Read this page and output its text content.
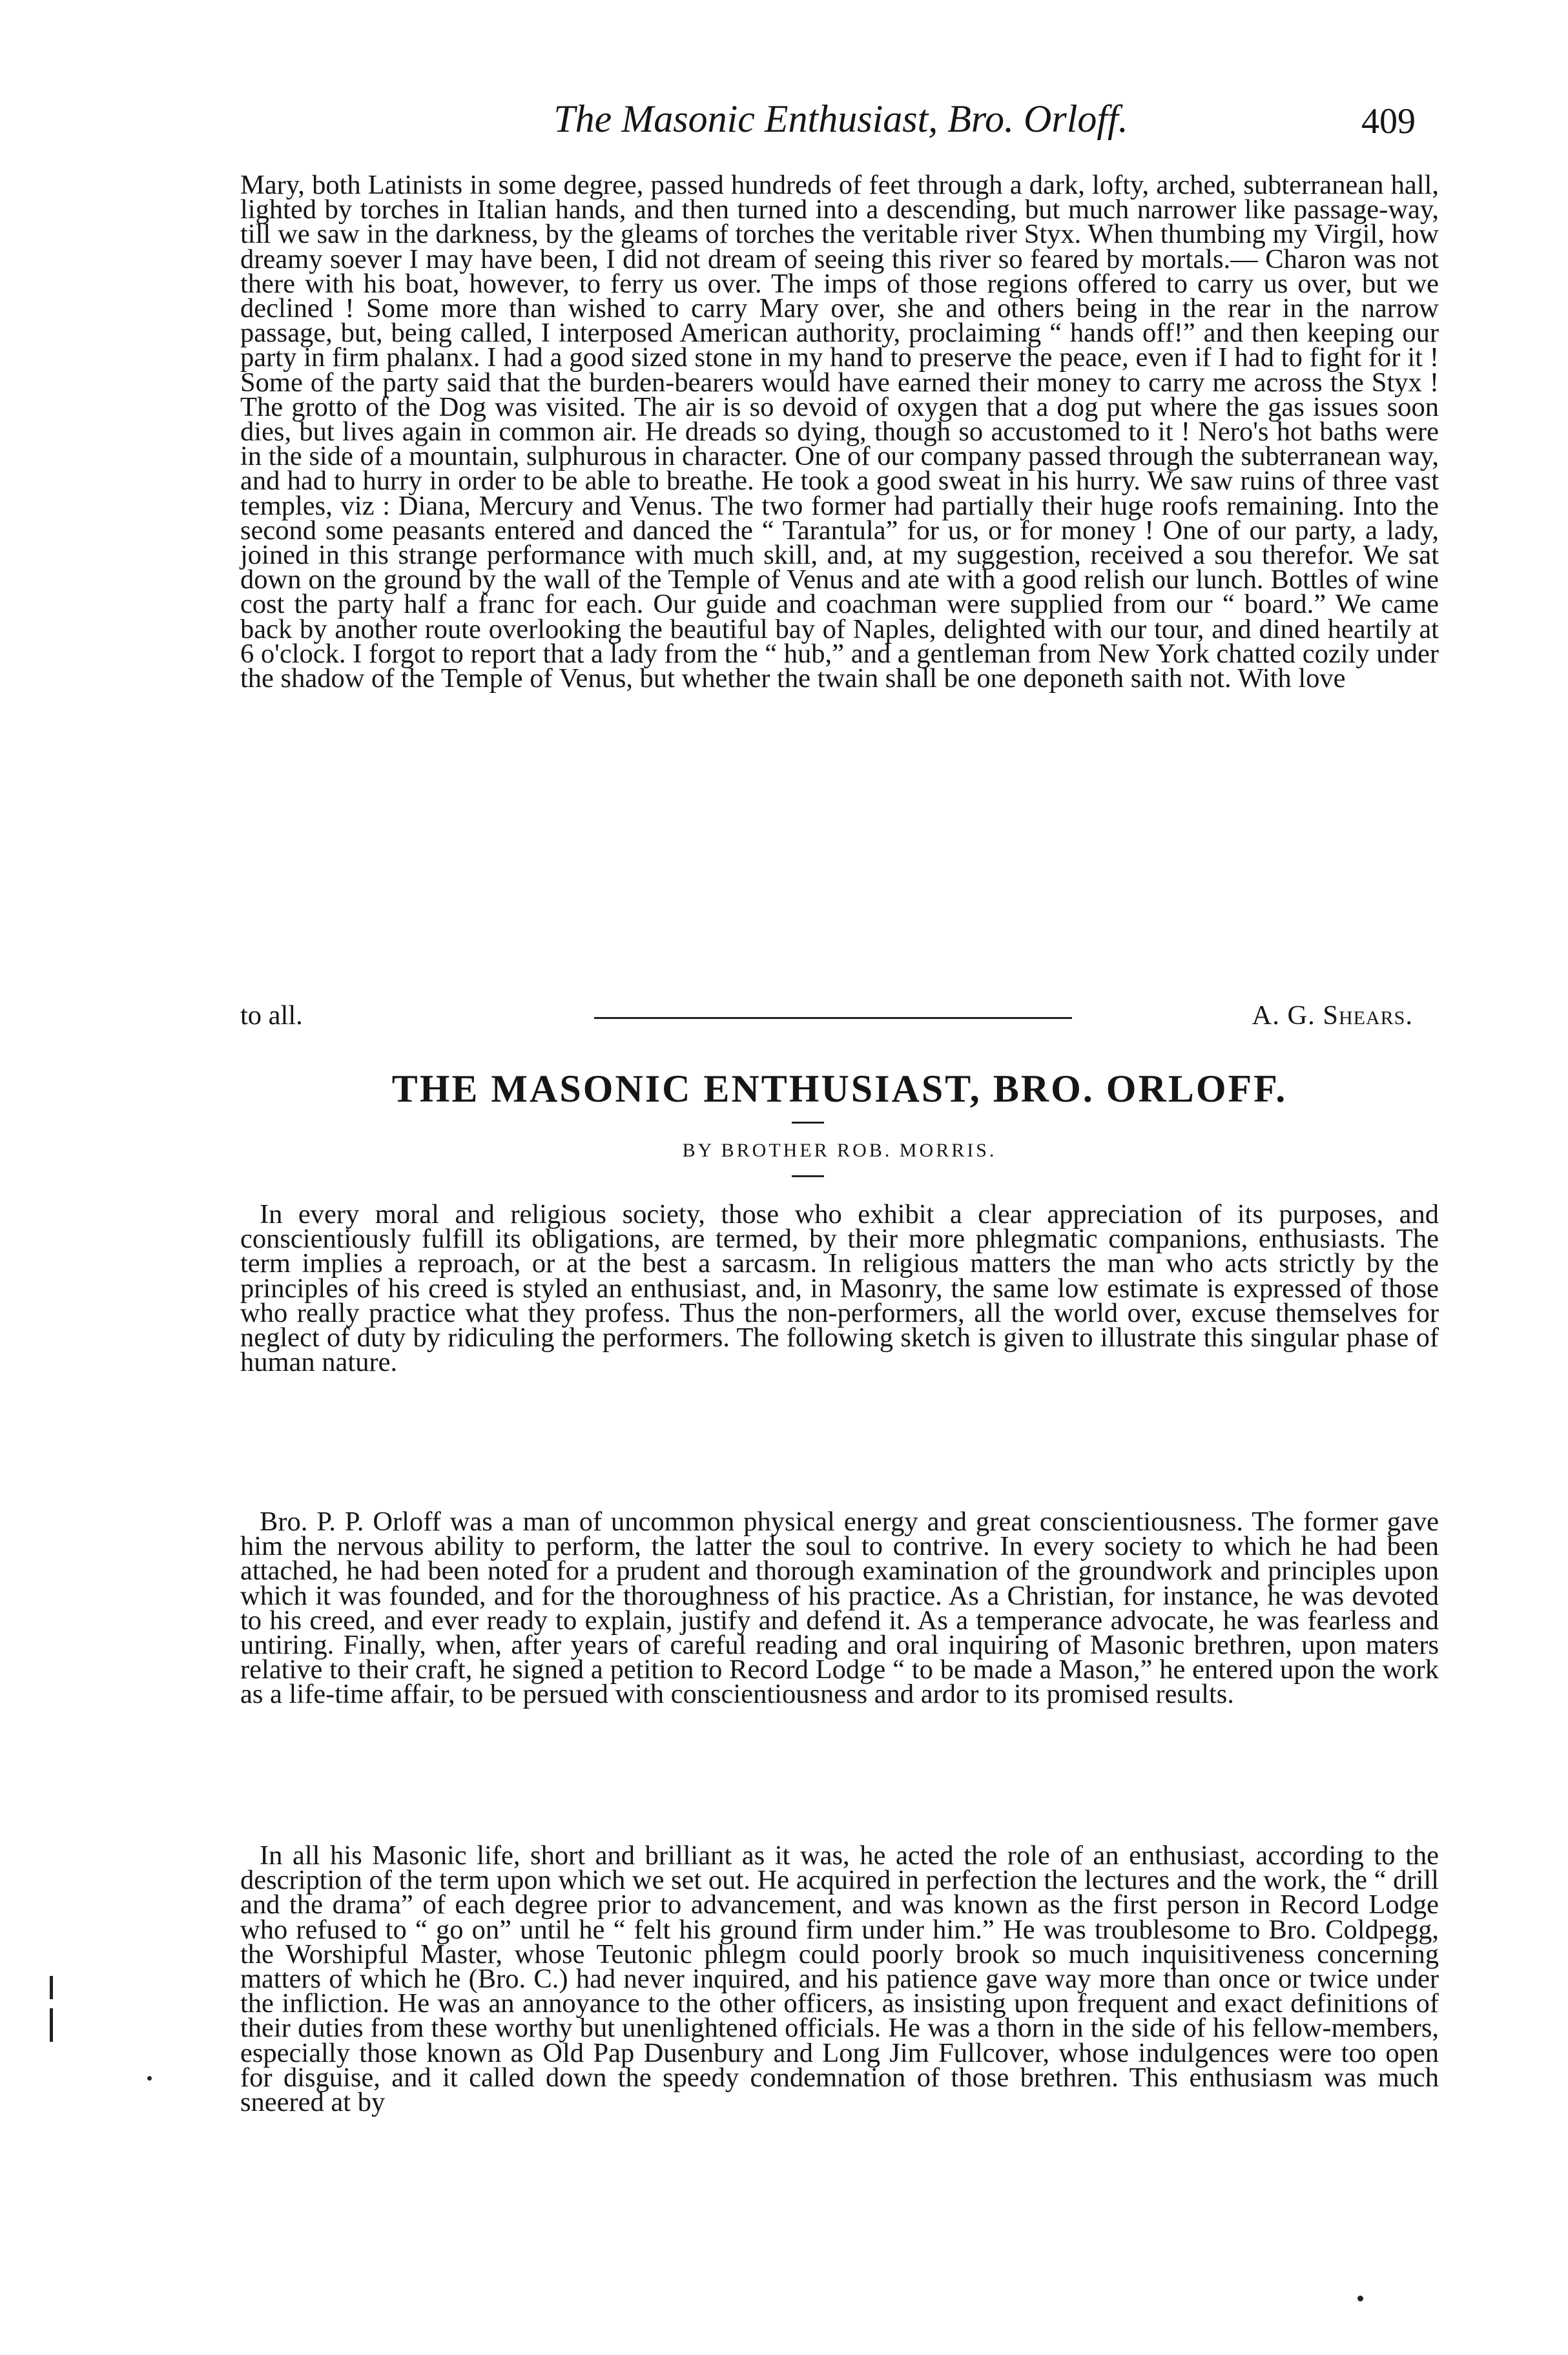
The Masonic Enthusiast, Bro. Orloff.	409

Mary, both Latinists in some degree, passed hundreds of feet through a dark, lofty, arched, subterranean hall, lighted by torches in Italian hands, and then turned into a descending, but much narrower like passage-way, till we saw in the darkness, by the gleams of torches the veritable river Styx. When thumbing my Virgil, how dreamy soever I may have been, I did not dream of seeing this river so feared by mortals.— Charon was not there with his boat, however, to ferry us over. The imps of those regions offered to carry us over, but we declined ! Some more than wished to carry Mary over, she and others being in the rear in the narrow passage, but, being called, I interposed American authority, proclaiming “ hands off!” and then keeping our party in firm phalanx. I had a good sized stone in my hand to preserve the peace, even if I had to fight for it ! Some of the party said that the burden-bearers would have earned their money to carry me across the Styx ! The grotto of the Dog was visited. The air is so devoid of oxygen that a dog put where the gas issues soon dies, but lives again in common air. He dreads so dying, though so accustomed to it ! Nero's hot baths were in the side of a mountain, sulphurous in character. One of our company passed through the subterranean way, and had to hurry in order to be able to breathe. He took a good sweat in his hurry. We saw ruins of three vast temples, viz : Diana, Mercury and Venus. The two former had partially their huge roofs remaining. Into the second some peasants entered and danced the “ Tarantula” for us, or for money ! One of our party, a lady, joined in this strange performance with much skill, and, at my suggestion, received a sou therefor. We sat down on the ground by the wall of the Temple of Venus and ate with a good relish our lunch. Bottles of wine cost the party half a franc for each. Our guide and coachman were supplied from our “ board.” We came back by another route overlooking the beautiful bay of Naples, delighted with our tour, and dined heartily at 6 o'clock. I forgot to report that a lady from the “ hub,” and a gentleman from New York chatted cozily under the shadow of the Temple of Venus, but whether the twain shall be one deponeth saith not. With love

to all.	A. G. Shears.
THE MASONIC ENTHUSIAST, BRO. ORLOFF.
BY BROTHER ROB. MORRIS.

In every moral and religious society, those who exhibit a clear appreciation of its purposes, and conscientiously fulfill its obligations, are termed, by their more phlegmatic companions, enthusiasts. The term implies a reproach, or at the best a sarcasm. In religious matters the man who acts strictly by the principles of his creed is styled an enthusiast, and, in Masonry, the same low estimate is expressed of those who really practice what they profess. Thus the non-performers, all the world over, excuse themselves for neglect of duty by ridiculing the performers. The following sketch is given to illustrate this singular phase of human nature.

Bro. P. P. Orloff was a man of uncommon physical energy and great conscientiousness. The former gave him the nervous ability to perform, the latter the soul to contrive. In every society to which he had been attached, he had been noted for a prudent and thorough examination of the groundwork and principles upon which it was founded, and for the thoroughness of his practice. As a Christian, for instance, he was devoted to his creed, and ever ready to explain, justify and defend it. As a temperance advocate, he was fearless and untiring. Finally, when, after years of careful reading and oral inquiring of Masonic brethren, upon maters relative to their craft, he signed a petition to Record Lodge “ to be made a Mason,” he entered upon the work as a life-time affair, to be persued with conscientiousness and ardor to its promised results.

In all his Masonic life, short and brilliant as it was, he acted the role of an enthusiast, according to the description of the term upon which we set out. He acquired in perfection the lectures and the work, the “ drill and the drama” of each degree prior to advancement, and was known as the first person in Record Lodge who refused to “ go on” until he “ felt his ground firm under him.” He was troublesome to Bro. Coldpegg, the Worshipful Master, whose Teutonic phlegm could poorly brook so much inquisitiveness concerning matters of which he (Bro. C.) had never inquired, and his patience gave way more than once or twice under the infliction. He was an annoyance to the other officers, as insisting upon frequent and exact definitions of their duties from these worthy but unenlightened officials. He was a thorn in the side of his fellow-members, especially those known as Old Pap Dusenbury and Long Jim Fullcover, whose indulgences were too open for disguise, and it called down the speedy condemnation of those brethren. This enthusiasm was much sneered at by
